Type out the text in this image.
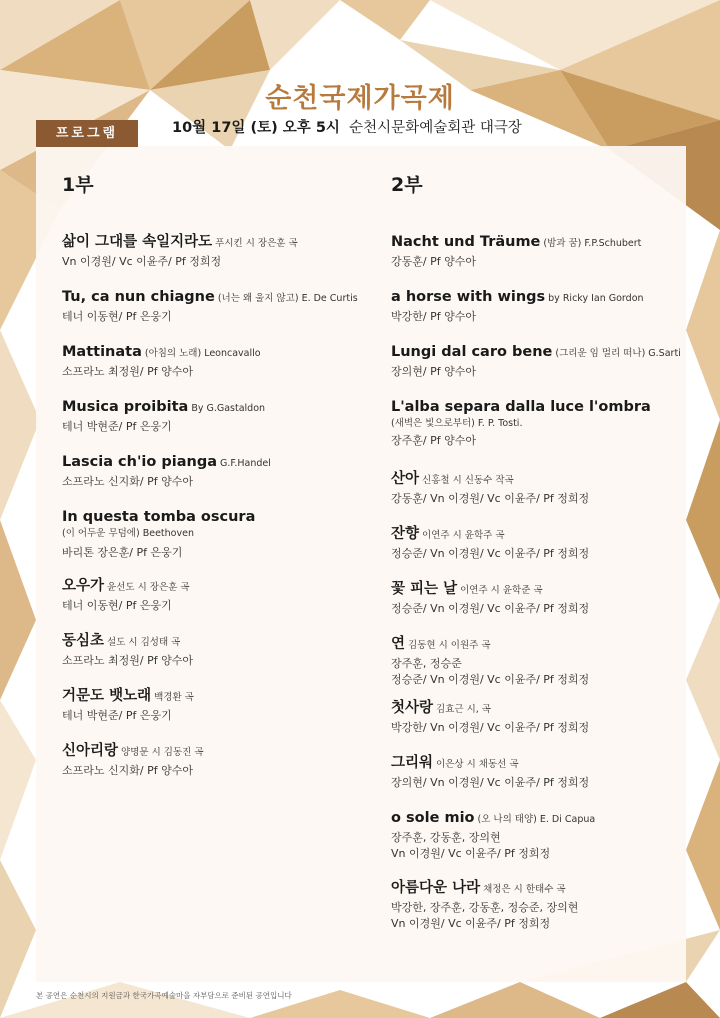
순천국제가곡제
프로그램	10월 17일 (토) 오후 5시 순천시문화예술회관 대극장
1부
삶이 그대를 속일지라도 푸시킨 시 장은훈 곡
Vn 이경원/ Vc 이윤주/ Pf 정희정
Tu, ca nun chiagne (너는 왜 울지 않고) E. De Curtis
테너 이동현/ Pf 은웅기
Mattinata (아침의 노래) Leoncavallo
소프라노 최정원/ Pf 양수아
Musica proibita By G.Gastaldon
테너 박현준/ Pf 은웅기
Lascia ch'io pianga G.F.Handel
소프라노 신지화/ Pf 양수아
In questa tomba oscura
(이 어두운 무덤에) Beethoven
바리톤 장은훈/ Pf 은웅기
오우가 윤선도 시 장은훈 곡
테너 이동현/ Pf 은웅기
동심초 설도 시 김성태 곡
소프라노 최정원/ Pf 양수아
거문도 뱃노래 백경환 곡
테너 박현준/ Pf 은웅기
신아리랑 양명문 시 김동진 곡
소프라노 신지화/ Pf 양수아
2부
Nacht und Träume (밤과 꿈) F.P.Schubert
강동훈/ Pf 양수아
a horse with wings by Ricky Ian Gordon
박강한/ Pf 양수아
Lungi dal caro bene (그리운 임 멀리 떠나) G.Sarti
장의현/ Pf 양수아
L'alba separa dalla luce l'ombra
(새벽은 빛으로부터) F. P. Tosti.
장주훈/ Pf 양수아
산아 신홍철 시 신동수 작곡
강동훈/ Vn 이경원/ Vc 이윤주/ Pf 정희정
잔향 이연주 시 윤학주 곡
정승준/ Vn 이경원/ Vc 이윤주/ Pf 정희정
꽃 피는 날 이연주 시 윤학준 곡
정승준/ Vn 이경원/ Vc 이윤주/ Pf 정희정
연김동현 시 이원주 곡
장주훈, 정승준
정승준/ Vn 이경원/ Vc 이윤주/ Pf 정희정
첫사랑 김효근 시, 곡
박강한/ Vn 이경원/ Vc 이윤주/ Pf 정희정
그리워 이은상 시 채동선 곡
장의현/ Vn 이경원/ Vc 이윤주/ Pf 정희정
o sole mio (오 나의 태양) E. Di Capua
장주훈, 강동훈, 장의현
Vn 이경원/ Vc 이윤주/ Pf 정희정
아름다운 나라 채정은 시 한태수 곡
박강한, 장주훈, 강동훈, 정승준, 장의현
Vn 이경원/ Vc 이윤주/ Pf 정희정
본 공연은 순천시의 지원금과 한국가곡예술마을 자부담으로 준비된 공연입니다
